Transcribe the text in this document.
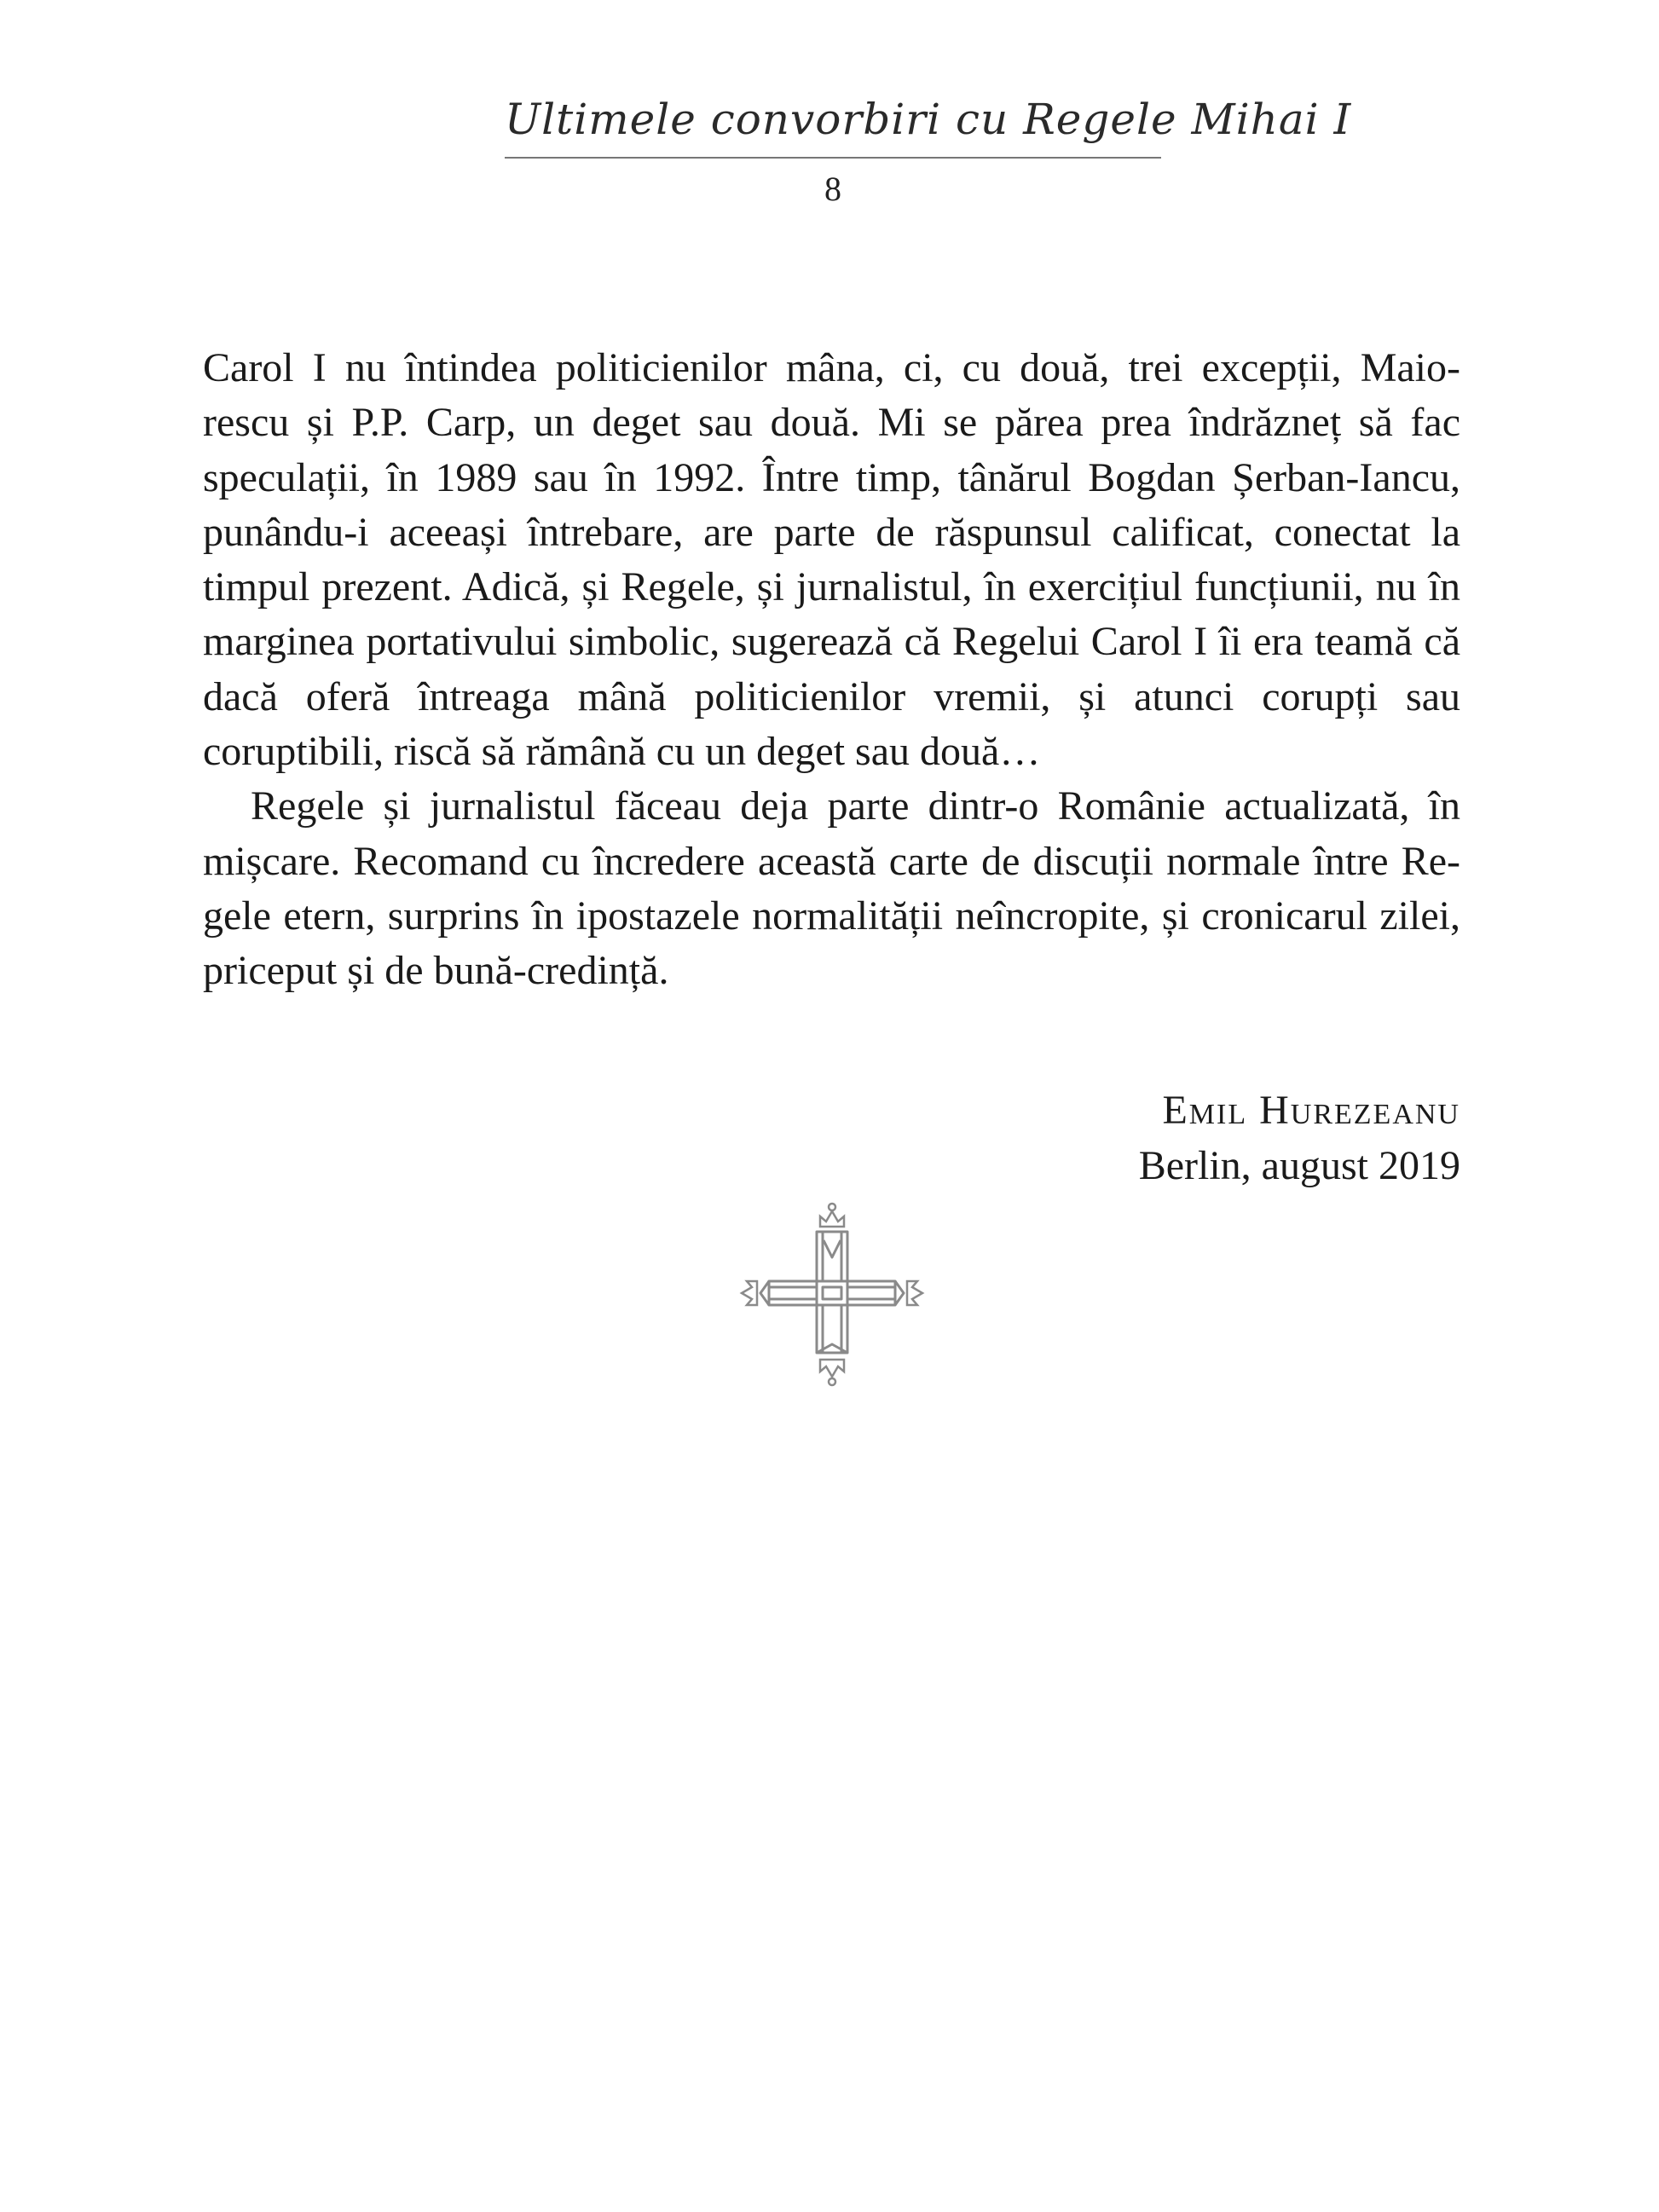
Ultimele convorbiri cu Regele Mihai I
8

Carol I nu întindea politicienilor mâna, ci, cu două, trei excepții, Maio- rescu și P.P. Carp, un deget sau două. Mi se părea prea îndrăzneț să fac speculații, în 1989 sau în 1992. Între timp, tânărul Bogdan Șerban-Iancu, punându-i aceeași întrebare, are parte de răspunsul calificat, conectat la timpul prezent. Adică, și Regele, și jurnalistul, în exercițiul funcțiunii, nu în marginea portativului simbolic, sugerează că Regelui Carol I îi era teamă că dacă oferă întreaga mână politicienilor vremii, și atunci corupți sau coruptibili, riscă să rămână cu un deget sau două…

Regele și jurnalistul făceau deja parte dintr-o Românie actualizată, în mișcare. Recomand cu încredere această carte de discuții normale între Re- gele etern, surprins în ipostazele normalității neîncropite, și cronicarul zilei, priceput și de bună-credință.

Emil Hurezeanu
Berlin, august 2019
